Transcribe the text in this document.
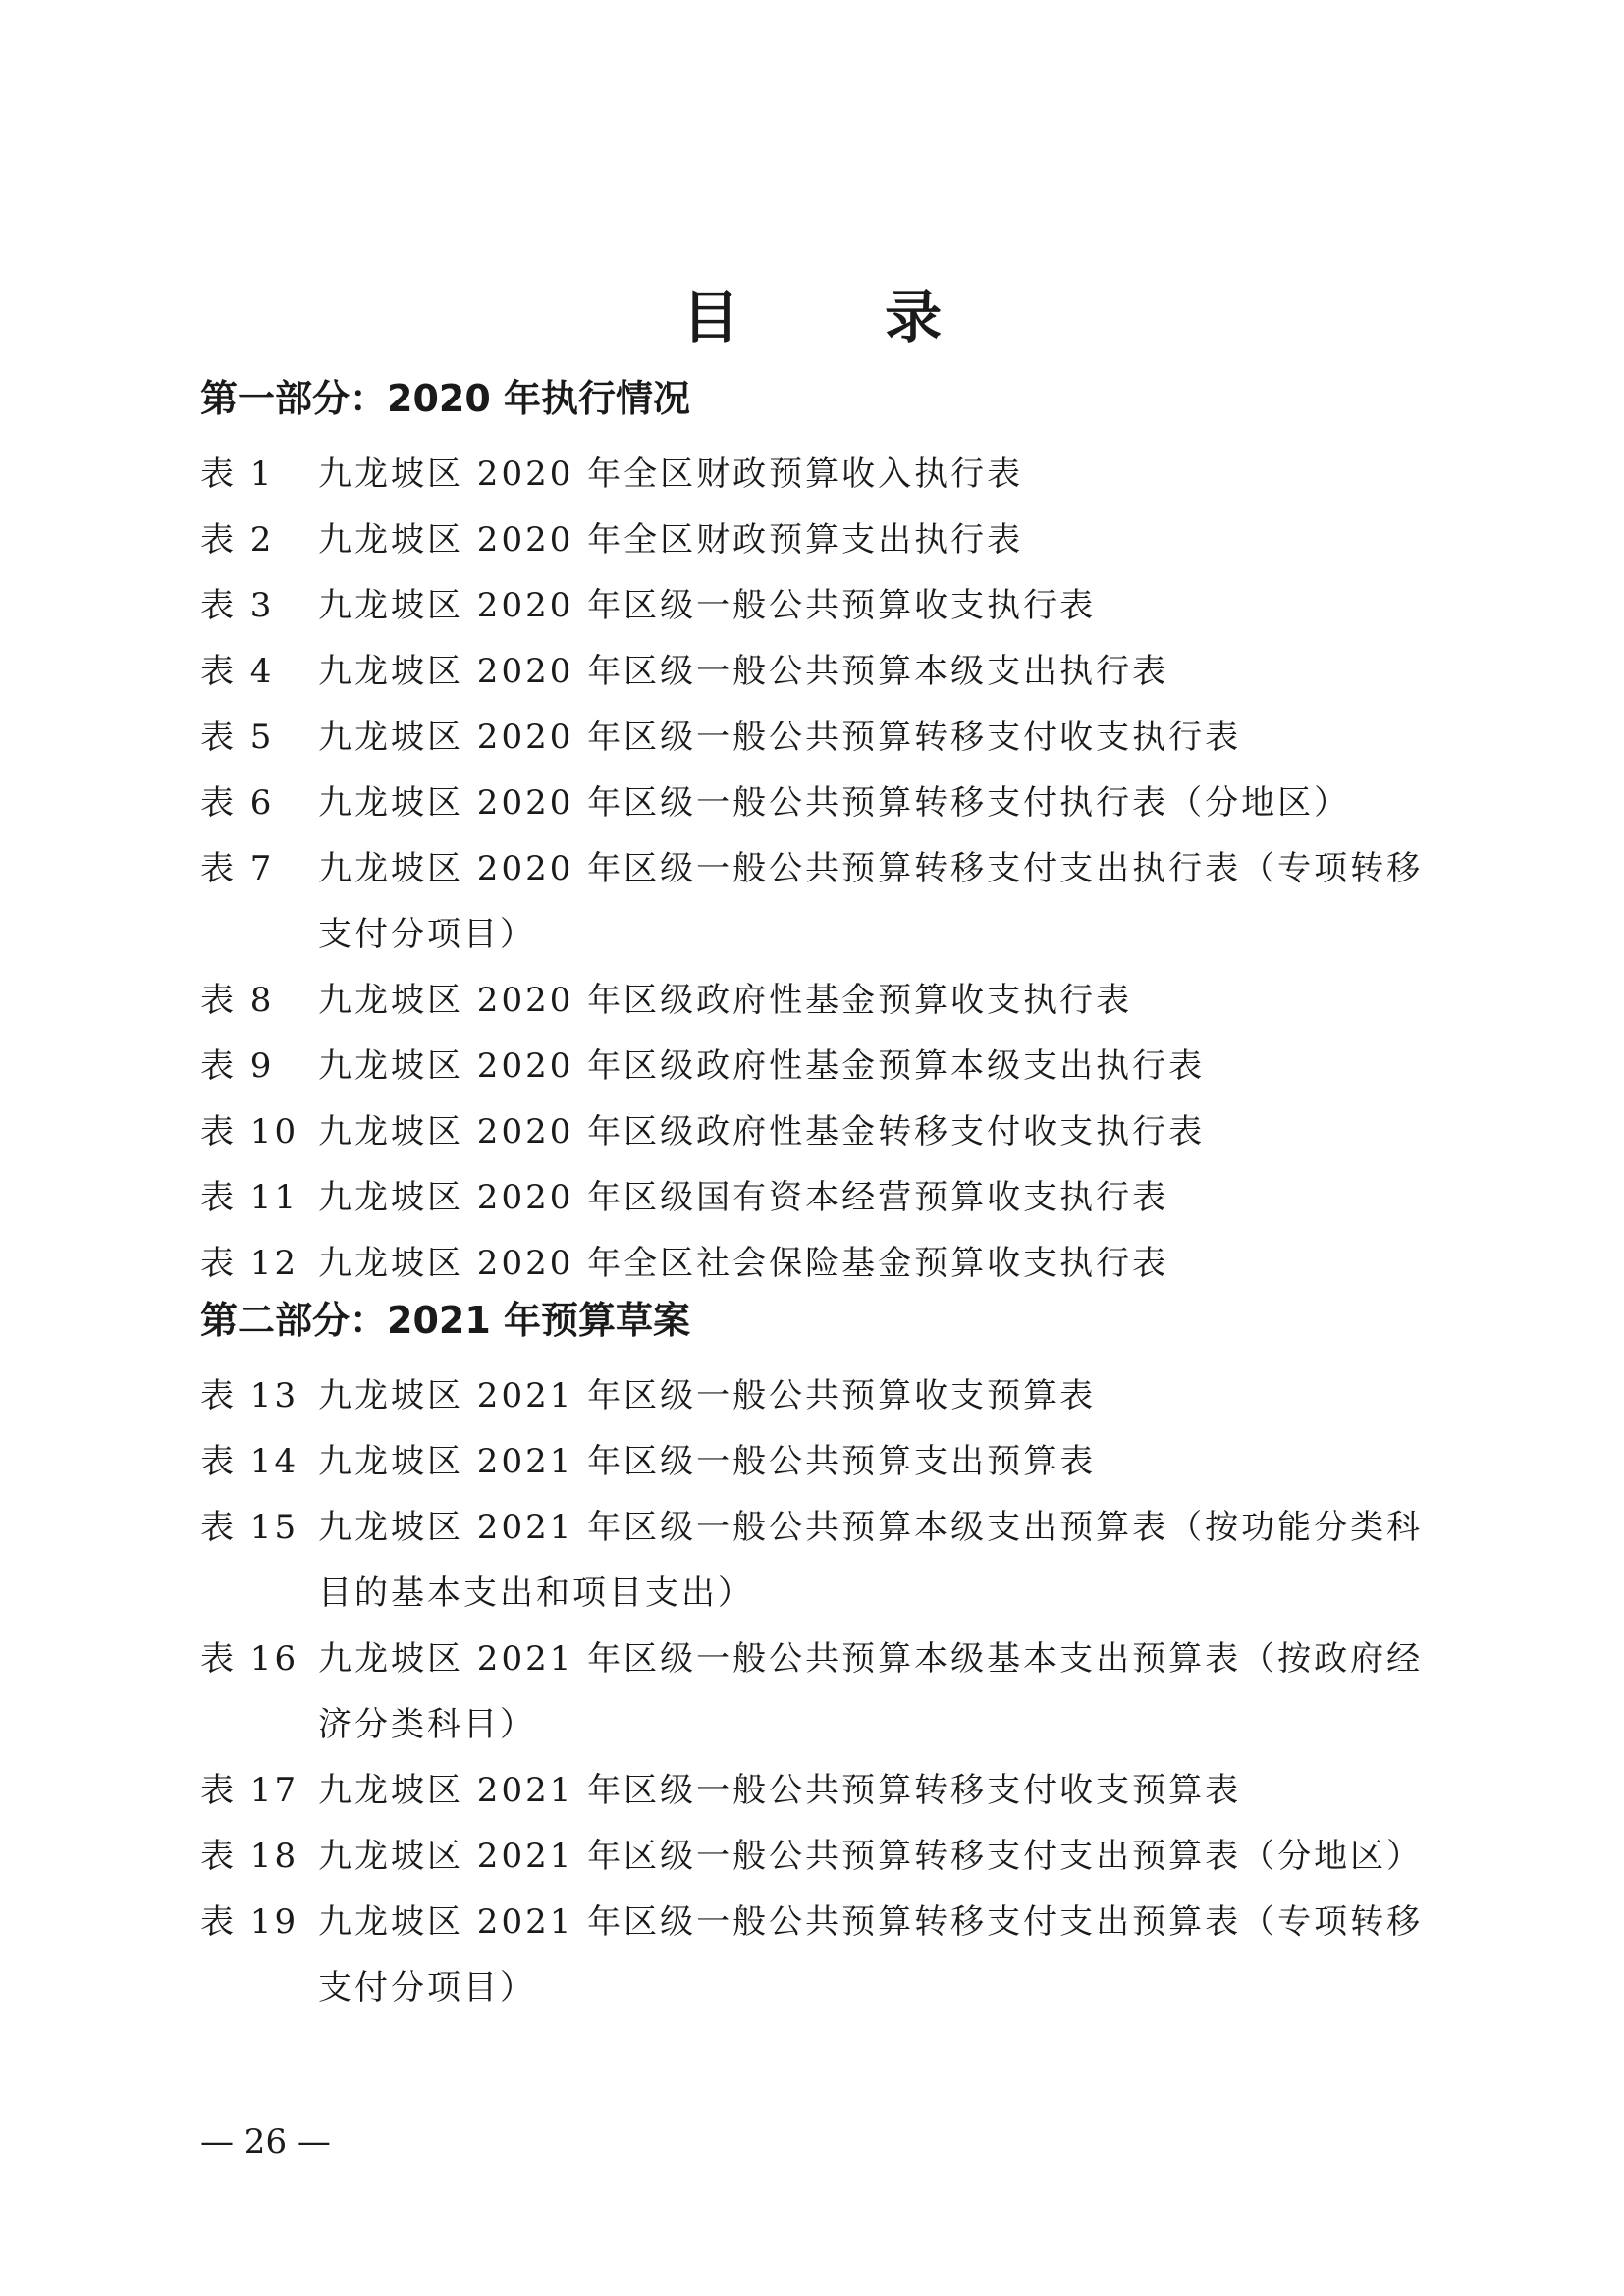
目 录
第一部分：2020 年执行情况
表 1	九龙坡区 2020 年全区财政预算收入执行表
表 2	九龙坡区 2020 年全区财政预算支出执行表
表 3	九龙坡区 2020 年区级一般公共预算收支执行表
表 4	九龙坡区 2020 年区级一般公共预算本级支出执行表
表 5	九龙坡区 2020 年区级一般公共预算转移支付收支执行表
表 6	九龙坡区 2020 年区级一般公共预算转移支付执行表（分地区）
表 7	九龙坡区 2020 年区级一般公共预算转移支付支出执行表（专项转移支付分项目）
表 8	九龙坡区 2020 年区级政府性基金预算收支执行表
表 9	九龙坡区 2020 年区级政府性基金预算本级支出执行表
表 10 九龙坡区 2020 年区级政府性基金转移支付收支执行表
表 11 九龙坡区 2020 年区级国有资本经营预算收支执行表
表 12 九龙坡区 2020 年全区社会保险基金预算收支执行表
第二部分：2021 年预算草案
表 13 九龙坡区 2021 年区级一般公共预算收支预算表
表 14 九龙坡区 2021 年区级一般公共预算支出预算表
表 15 九龙坡区 2021 年区级一般公共预算本级支出预算表（按功能分类科目的基本支出和项目支出）
表 16 九龙坡区 2021 年区级一般公共预算本级基本支出预算表（按政府经济分类科目）
表 17 九龙坡区 2021 年区级一般公共预算转移支付收支预算表
表 18 九龙坡区 2021 年区级一般公共预算转移支付支出预算表（分地区）
表 19 九龙坡区 2021 年区级一般公共预算转移支付支出预算表（专项转移支付分项目）
— 26 —
